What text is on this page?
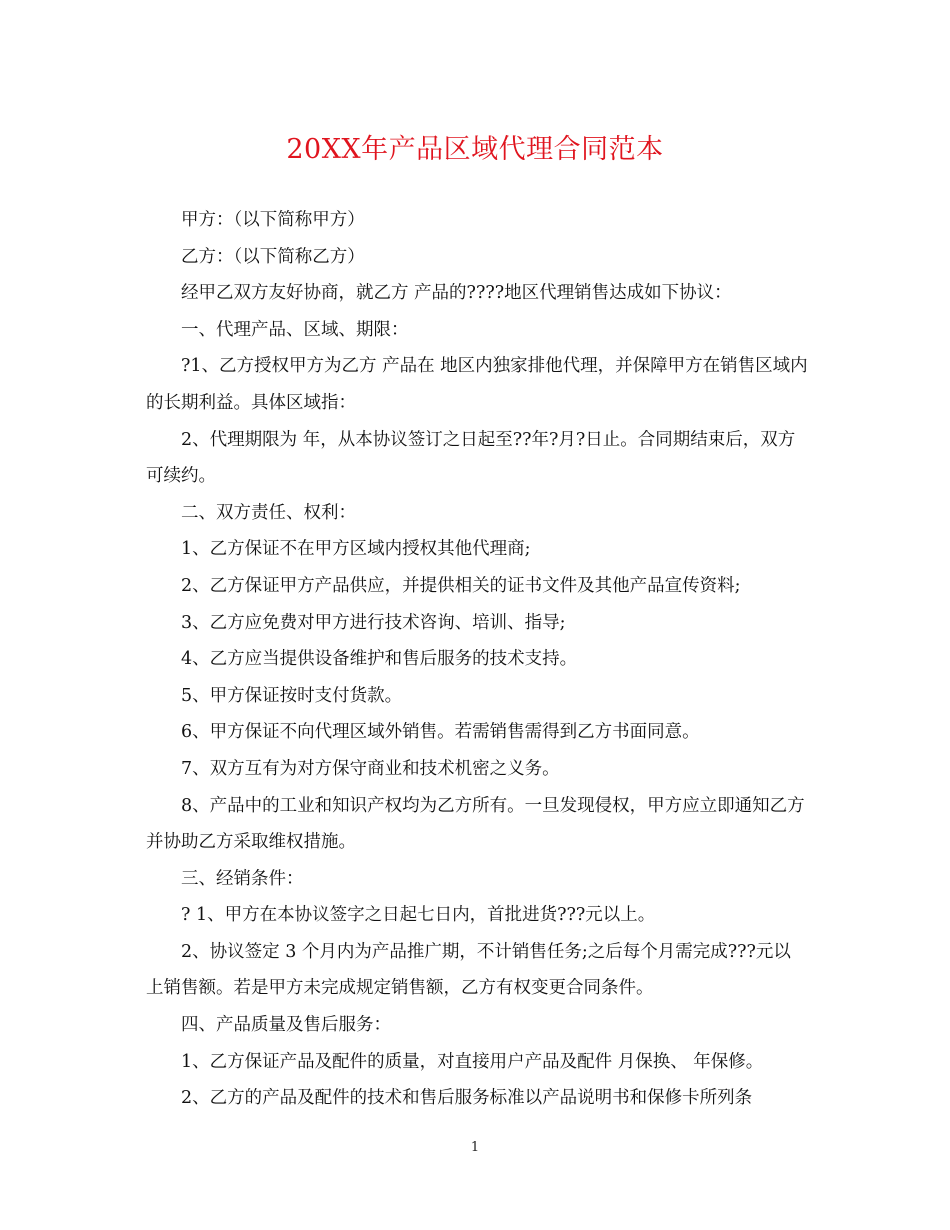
20XX年产品区域代理合同范本

甲方：（以下简称甲方）

乙方：（以下简称乙方）

经甲乙双方友好协商，就乙方 产品的????地区代理销售达成如下协议：

一、代理产品、区域、期限：

?1、乙方授权甲方为乙方 产品在 地区内独家排他代理，并保障甲方在销售区域内的长期利益。具体区域指：

2、代理期限为 年，从本协议签订之日起至??年?月?日止。合同期结束后，双方可续约。

二、双方责任、权利：

1、乙方保证不在甲方区域内授权其他代理商;

2、乙方保证甲方产品供应，并提供相关的证书文件及其他产品宣传资料;

3、乙方应免费对甲方进行技术咨询、培训、指导;

4、乙方应当提供设备维护和售后服务的技术支持。

5、甲方保证按时支付货款。

6、甲方保证不向代理区域外销售。若需销售需得到乙方书面同意。

7、双方互有为对方保守商业和技术机密之义务。

8、产品中的工业和知识产权均为乙方所有。一旦发现侵权，甲方应立即通知乙方并协助乙方采取维权措施。

三、经销条件：

? 1、甲方在本协议签字之日起七日内，首批进货???元以上。

2、协议签定 3 个月内为产品推广期，不计销售任务;之后每个月需完成???元以上销售额。若是甲方未完成规定销售额，乙方有权变更合同条件。

四、产品质量及售后服务：

1、乙方保证产品及配件的质量，对直接用户产品及配件 月保换、 年保修。

2、乙方的产品及配件的技术和售后服务标准以产品说明书和保修卡所列条

1
